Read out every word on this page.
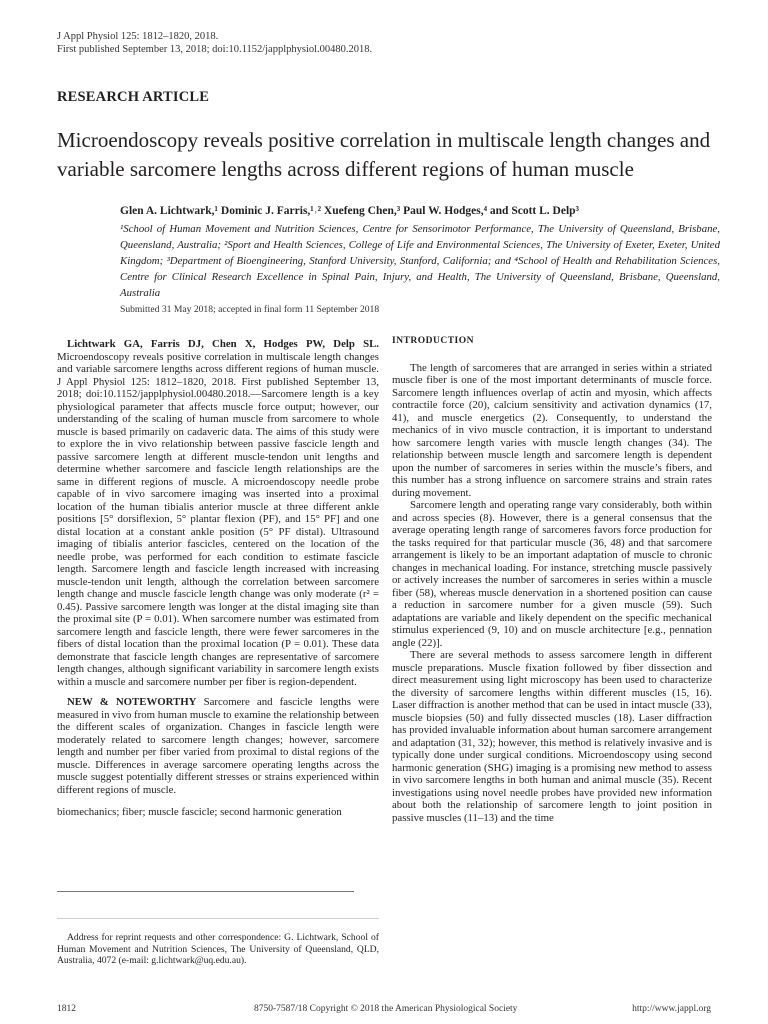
J Appl Physiol 125: 1812–1820, 2018.
First published September 13, 2018; doi:10.1152/japplphysiol.00480.2018.
RESEARCH ARTICLE
Microendoscopy reveals positive correlation in multiscale length changes and variable sarcomere lengths across different regions of human muscle
Glen A. Lichtwark,¹ Dominic J. Farris,¹˒² Xuefeng Chen,³ Paul W. Hodges,⁴ and Scott L. Delp³
¹School of Human Movement and Nutrition Sciences, Centre for Sensorimotor Performance, The University of Queensland, Brisbane, Queensland, Australia; ²Sport and Health Sciences, College of Life and Environmental Sciences, The University of Exeter, Exeter, United Kingdom; ³Department of Bioengineering, Stanford University, Stanford, California; and ⁴School of Health and Rehabilitation Sciences, Centre for Clinical Research Excellence in Spinal Pain, Injury, and Health, The University of Queensland, Brisbane, Queensland, Australia
Submitted 31 May 2018; accepted in final form 11 September 2018

Lichtwark GA, Farris DJ, Chen X, Hodges PW, Delp SL. Microendoscopy reveals positive correlation in multiscale length changes and variable sarcomere lengths across different regions of human muscle. J Appl Physiol 125: 1812–1820, 2018. First published September 13, 2018; doi:10.1152/japplphysiol.00480.2018.—Sarcomere length is a key physiological parameter that affects muscle force output; however, our understanding of the scaling of human muscle from sarcomere to whole muscle is based primarily on cadaveric data. The aims of this study were to explore the in vivo relationship between passive fascicle length and passive sarcomere length at different muscle-tendon unit lengths and determine whether sarcomere and fascicle length relationships are the same in different regions of muscle. A microendoscopy needle probe capable of in vivo sarcomere imaging was inserted into a proximal location of the human tibialis anterior muscle at three different ankle positions [5° dorsiflexion, 5° plantar flexion (PF), and 15° PF] and one distal location at a constant ankle position (5° PF distal). Ultrasound imaging of tibialis anterior fascicles, centered on the location of the needle probe, was performed for each condition to estimate fascicle length. Sarcomere length and fascicle length increased with increasing muscle-tendon unit length, although the correlation between sarcomere length change and muscle fascicle length change was only moderate (r² = 0.45). Passive sarcomere length was longer at the distal imaging site than the proximal site (P = 0.01). When sarcomere number was estimated from sarcomere length and fascicle length, there were fewer sarcomeres in the fibers of distal location than the proximal location (P = 0.01). These data demonstrate that fascicle length changes are representative of sarcomere length changes, although significant variability in sarcomere length exists within a muscle and sarcomere number per fiber is region-dependent.

NEW & NOTEWORTHY Sarcomere and fascicle lengths were measured in vivo from human muscle to examine the relationship between the different scales of organization. Changes in fascicle length were moderately related to sarcomere length changes; however, sarcomere length and number per fiber varied from proximal to distal regions of the muscle. Differences in average sarcomere operating lengths across the muscle suggest potentially different stresses or strains experienced within different regions of muscle.

biomechanics; fiber; muscle fascicle; second harmonic generation

Address for reprint requests and other correspondence: G. Lichtwark, School of Human Movement and Nutrition Sciences, The University of Queensland, QLD, Australia, 4072 (e-mail: g.lichtwark@uq.edu.au).

INTRODUCTION

The length of sarcomeres that are arranged in series within a striated muscle fiber is one of the most important determinants of muscle force. Sarcomere length influences overlap of actin and myosin, which affects contractile force (20), calcium sensitivity and activation dynamics (17, 41), and muscle energetics (2). Consequently, to understand the mechanics of in vivo muscle contraction, it is important to understand how sarcomere length varies with muscle length changes (34). The relationship between muscle length and sarcomere length is dependent upon the number of sarcomeres in series within the muscle’s fibers, and this number has a strong influence on sarcomere strains and strain rates during movement.

Sarcomere length and operating range vary considerably, both within and across species (8). However, there is a general consensus that the average operating length range of sarcomeres favors force production for the tasks required for that particular muscle (36, 48) and that sarcomere arrangement is likely to be an important adaptation of muscle to chronic changes in mechanical loading. For instance, stretching muscle passively or actively increases the number of sarcomeres in series within a muscle fiber (58), whereas muscle denervation in a shortened position can cause a reduction in sarcomere number for a given muscle (59). Such adaptations are variable and likely dependent on the specific mechanical stimulus experienced (9, 10) and on muscle architecture [e.g., pennation angle (22)].

There are several methods to assess sarcomere length in different muscle preparations. Muscle fixation followed by fiber dissection and direct measurement using light microscopy has been used to characterize the diversity of sarcomere lengths within different muscles (15, 16). Laser diffraction is another method that can be used in intact muscle (33), muscle biopsies (50) and fully dissected muscles (18). Laser diffraction has provided invaluable information about human sarcomere arrangement and adaptation (31, 32); however, this method is relatively invasive and is typically done under surgical conditions. Microendoscopy using second harmonic generation (SHG) imaging is a promising new method to assess in vivo sarcomere lengths in both human and animal muscle (35). Recent investigations using novel needle probes have provided new information about both the relationship of sarcomere length to joint position in passive muscles (11–13) and the time

1812	8750-7587/18 Copyright © 2018 the American Physiological Society	http://www.jappl.org
